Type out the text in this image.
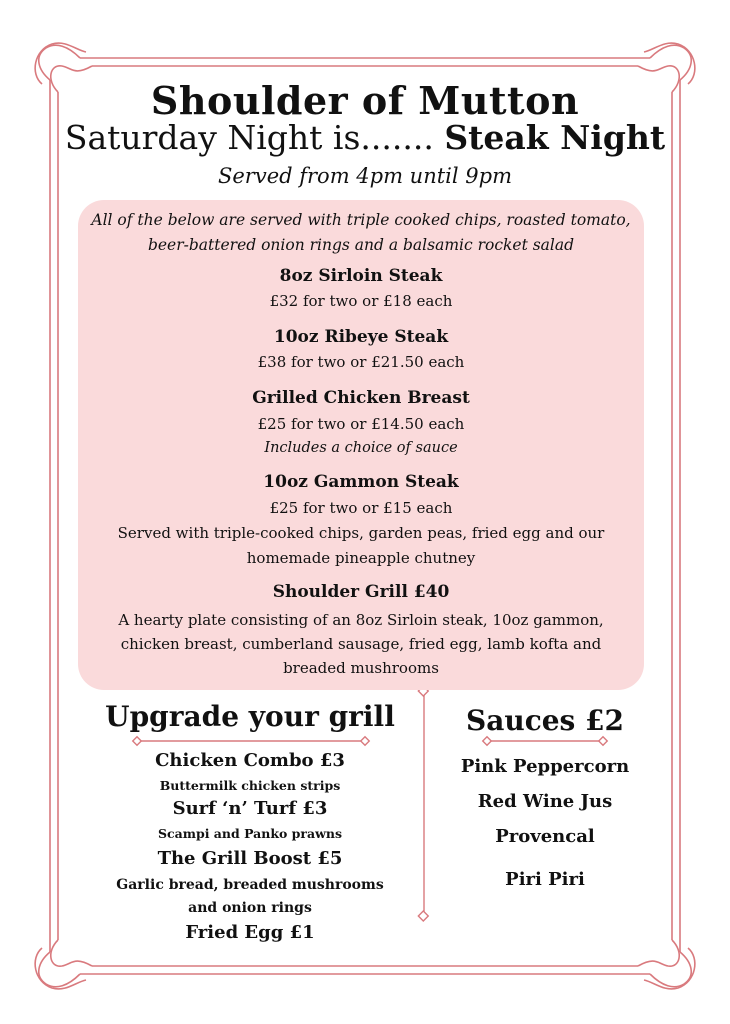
Shoulder of Mutton
Saturday Night is....... Steak Night
Served from 4pm until 9pm
All of the below are served with triple cooked chips, roasted tomato,
beer-battered onion rings and a balsamic rocket salad
8oz Sirloin Steak
£32 for two or £18 each
10oz Ribeye Steak
£38 for two or £21.50 each
Grilled Chicken Breast
£25 for two or £14.50 each
Includes a choice of sauce
10oz Gammon Steak
£25 for two or £15 each
Served with triple-cooked chips, garden peas, fried egg and our
homemade pineapple chutney
Shoulder Grill £40
A hearty plate consisting of an 8oz Sirloin steak, 10oz gammon,
chicken breast, cumberland sausage, fried egg, lamb kofta and
breaded mushrooms
Upgrade your grill
Chicken Combo £3
Buttermilk chicken strips
Surf ‘n’ Turf £3
Scampi and Panko prawns
The Grill Boost £5
Garlic bread, breaded mushrooms
and onion rings
Fried Egg £1
Sauces £2
Pink Peppercorn
Red Wine Jus
Provencal
Piri Piri
